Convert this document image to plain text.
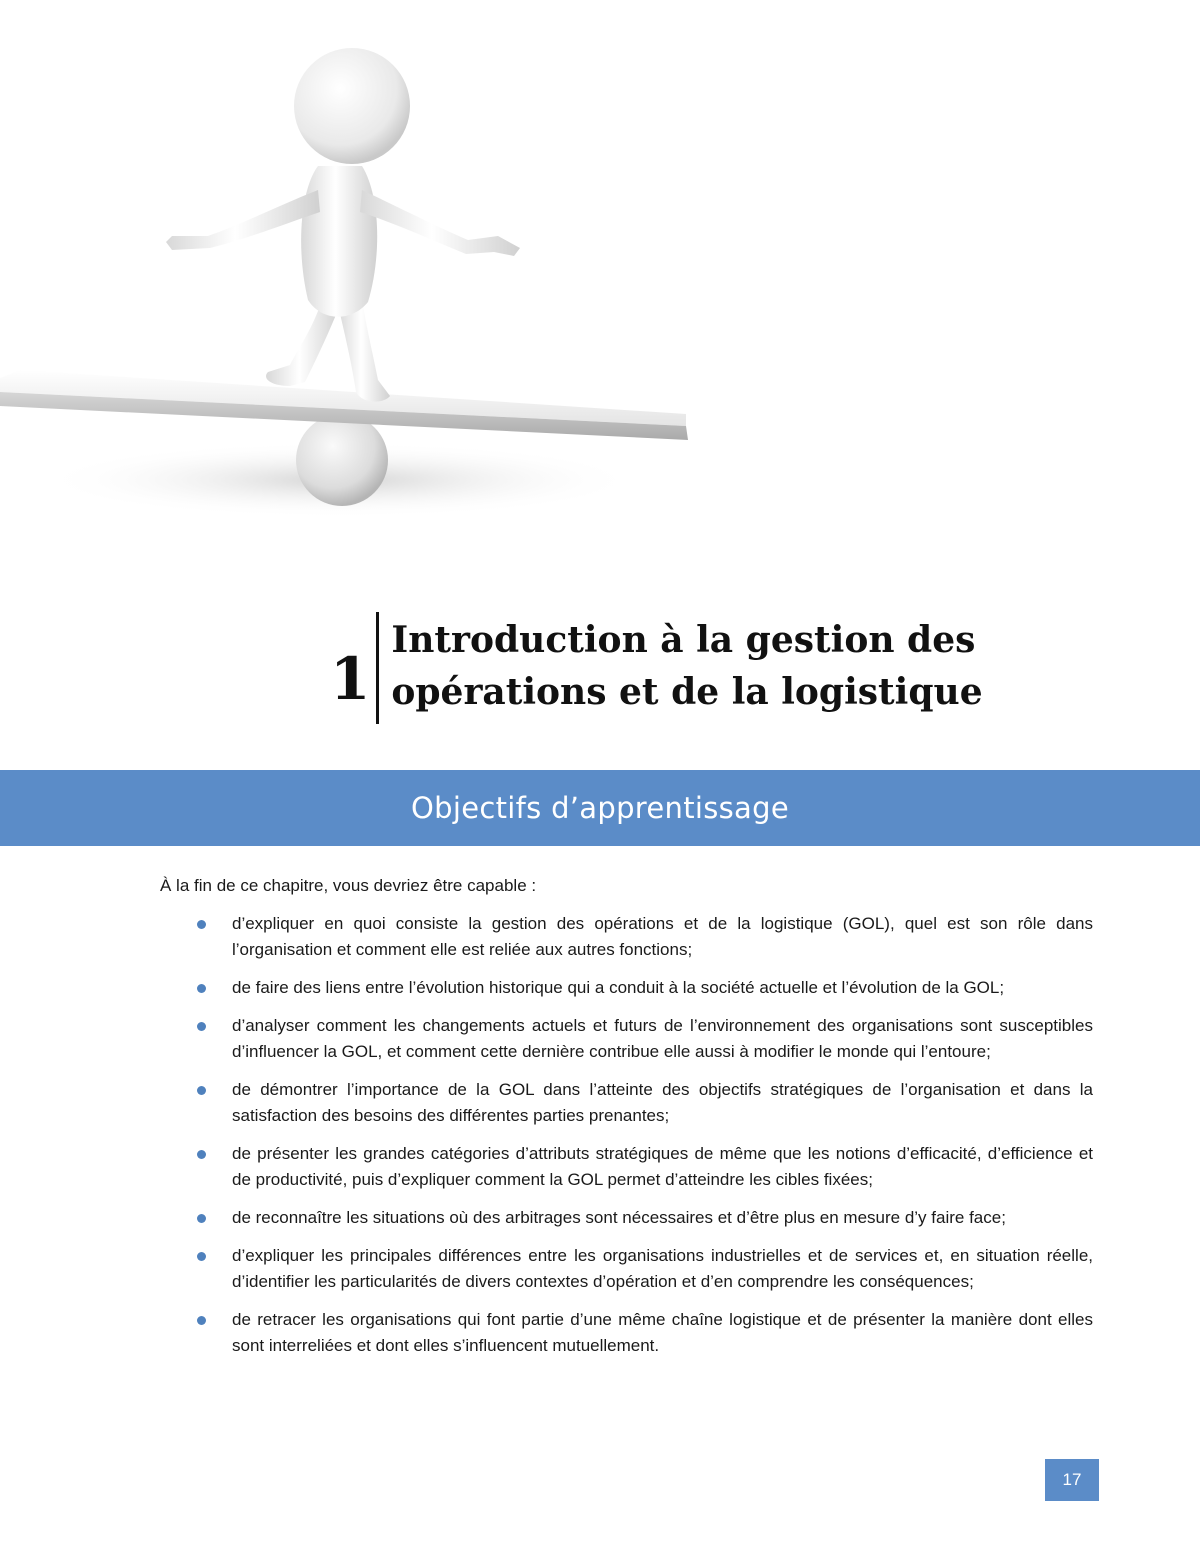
1
Introduction à la gestion des
opérations et de la logistique
Objectifs d’apprentissage
À la fin de ce chapitre, vous devriez être capable :
d’expliquer en quoi consiste la gestion des opérations et de la logistique (GOL), quel est son rôle dans l’organisation et comment elle est reliée aux autres fonctions;
de faire des liens entre l’évolution historique qui a conduit à la société actuelle et l’évolution de la GOL;
d’analyser comment les changements actuels et futurs de l’environnement des organisations sont susceptibles d’influencer la GOL, et comment cette dernière contribue elle aussi à modifier le monde qui l’entoure;
de démontrer l’importance de la GOL dans l’atteinte des objectifs stratégiques de l’organisation et dans la satisfaction des besoins des différentes parties prenantes;
de présenter les grandes catégories d’attributs stratégiques de même que les notions d’efficacité, d’efficience et de productivité, puis d’expliquer comment la GOL permet d’atteindre les cibles fixées;
de reconnaître les situations où des arbitrages sont nécessaires et d’être plus en mesure d’y faire face;
d’expliquer les principales différences entre les organisations industrielles et de services et, en situation réelle, d’identifier les particularités de divers contextes d’opération et d’en comprendre les conséquences;
de retracer les organisations qui font partie d’une même chaîne logistique et de présenter la manière dont elles sont interreliées et dont elles s’influencent mutuellement.
17
